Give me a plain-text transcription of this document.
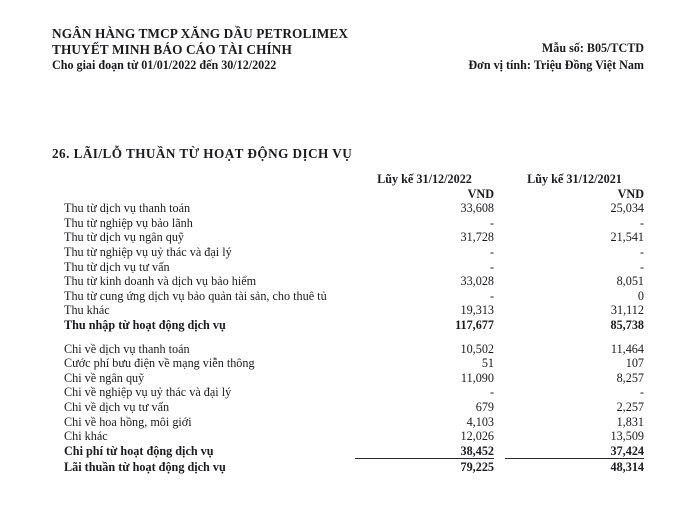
NGÂN HÀNG TMCP XĂNG DẦU PETROLIMEX
THUYẾT MINH BÁO CÁO TÀI CHÍNH
Cho giai đoạn từ 01/01/2022 đến 30/12/2022
Mẫu số: B05/TCTD
Đơn vị tính: Triệu Đồng Việt Nam
26. LÃI/LỖ THUẦN TỪ HOẠT ĐỘNG DỊCH VỤ
	Lũy kế 31/12/2022		Lũy kế 31/12/2021
	VND		VND
Thu từ dịch vụ thanh toán	33,608		25,034
Thu từ nghiệp vụ bảo lãnh	-		-
Thu từ dịch vụ ngân quỹ	31,728		21,541
Thu từ nghiệp vụ uỷ thác và đại lý	-		-
Thu từ dịch vụ tư vấn	-		-
Thu từ kinh doanh và dịch vụ bảo hiểm	33,028		8,051
Thu từ cung ứng dịch vụ bảo quản tài sản, cho thuê tủ	-		0
Thu khác	19,313		31,112
Thu nhập từ hoạt động dịch vụ	117,677		85,738

Chi về dịch vụ thanh toán	10,502		11,464
Cước phí bưu điện về mạng viễn thông	51		107
Chi về ngân quỹ	11,090		8,257
Chi về nghiệp vụ uỷ thác và đại lý	-		-
Chi về dịch vụ tư vấn	679		2,257
Chi về hoa hồng, môi giới	4,103		1,831
Chi khác	12,026		13,509
Chi phí từ hoạt động dịch vụ	38,452		37,424
Lãi thuần từ hoạt động dịch vụ	79,225		48,314
